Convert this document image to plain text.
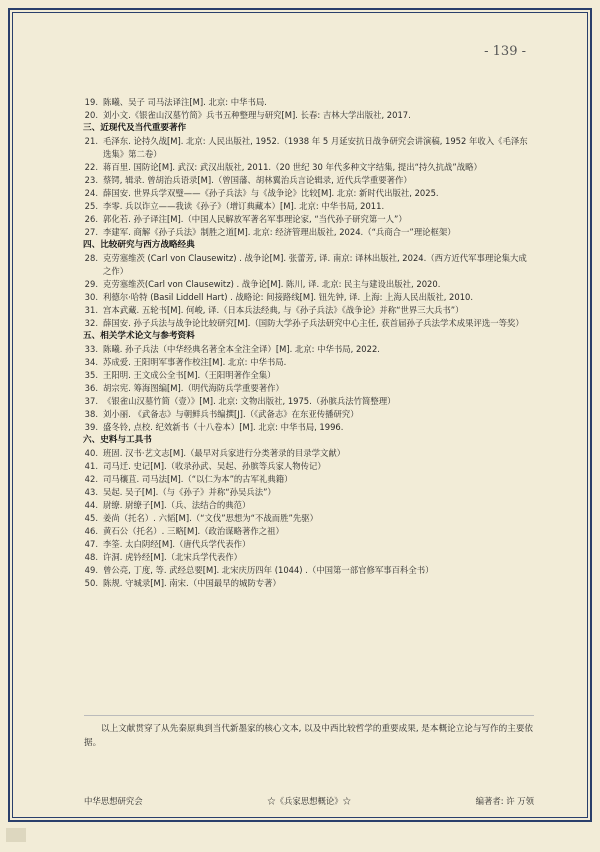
- 139 -
19. 陈曦、吴子 司马法译注[M]. 北京: 中华书局.
20. 刘小文.《银雀山汉墓竹简》兵书五种整理与研究[M]. 长春: 吉林大学出版社, 2017.
三、近现代及当代重要著作
21. 毛泽东. 论持久战[M]. 北京: 人民出版社, 1952.（1938 年 5 月延安抗日战争研究会讲演稿, 1952 年收入《毛泽东选集》第二卷）
22. 蒋百里. 国防论[M]. 武汉: 武汉出版社, 2011.（20 世纪 30 年代多种文字结集, 提出“持久抗战”战略）
23. 蔡锷, 辑录. 曾胡治兵语录[M].（曾国藩、胡林翼治兵言论辑录, 近代兵学重要著作）
24. 薛国安. 世界兵学双璧——《孙子兵法》与《战争论》比较[M]. 北京: 新时代出版社, 2025.
25. 李零. 兵以诈立——我读《孙子》（增订典藏本）[M]. 北京: 中华书局, 2011.
26. 郭化若. 孙子译注[M].（中国人民解放军著名军事理论家, “当代孙子研究第一人”）
27. 李建军. 商解《孙子兵法》制胜之道[M]. 北京: 经济管理出版社, 2024.（“兵商合一”理论框架）
四、比较研究与西方战略经典
28. 克劳塞维茨 (Carl von Clausewitz) . 战争论[M]. 张蕾芳, 译. 南京: 译林出版社, 2024.（西方近代军事理论集大成之作）
29. 克劳塞维茨(Carl von Clausewitz) . 战争论[M]. 陈川, 译. 北京: 民主与建设出版社, 2020.
30. 利德尔·哈特 (Basil Liddell Hart) . 战略论: 间接路线[M]. 钮先钟, 译. 上海: 上海人民出版社, 2010.
31. 宫本武藏. 五轮书[M]. 何峻, 译.（日本兵法经典, 与《孙子兵法》《战争论》并称“世界三大兵书”）
32. 薛国安. 孙子兵法与战争论比较研究[M].（国防大学孙子兵法研究中心主任, 获首届孙子兵法学术成果评选一等奖）
五、相关学术论文与参考资料
33. 陈曦. 孙子兵法（中华经典名著全本全注全译）[M]. 北京: 中华书局, 2022.
34. 苏成爱. 王阳明军事著作校注[M]. 北京: 中华书局.
35. 王阳明. 王文成公全书[M].（王阳明著作全集）
36. 胡宗宪. 筹海图编[M].（明代海防兵学重要著作）
37. 《银雀山汉墓竹简（壹）》[M]. 北京: 文物出版社, 1975.（孙膑兵法竹简整理）
38. 刘小丽. 《武备志》与朝鲜兵书编撰[J].（《武备志》在东亚传播研究）
39. 盛冬铃, 点校. 纪效新书（十八卷本）[M]. 北京: 中华书局, 1996.
六、史料与工具书
40. 班固. 汉书·艺文志[M].（最早对兵家进行分类著录的目录学文献）
41. 司马迁. 史记[M].（收录孙武、吴起、孙膑等兵家人物传记）
42. 司马穰苴. 司马法[M].（“以仁为本”的古军礼典籍）
43. 吴起. 吴子[M].（与《孙子》并称“孙吴兵法”）
44. 尉缭. 尉缭子[M].（兵、法结合的典范）
45. 姜尚（托名）. 六韬[M].（“文伐”思想为“不战而胜”先驱）
46. 黄石公（托名）. 三略[M].（政治谋略著作之祖）
47. 李筌. 太白阴经[M].（唐代兵学代表作）
48. 许洞. 虎钤经[M].（北宋兵学代表作）
49. 曾公亮, 丁度, 等. 武经总要[M]. 北宋庆历四年 (1044) .（中国第一部官修军事百科全书）
50. 陈规. 守城录[M]. 南宋.（中国最早的城防专著）
以上文献贯穿了从先秦原典到当代新墨家的核心文本, 以及中西比较哲学的重要成果, 是本概论立论与写作的主要依据。
中华思想研究会	☆《兵家思想概论》☆	编著者: 许 万领
